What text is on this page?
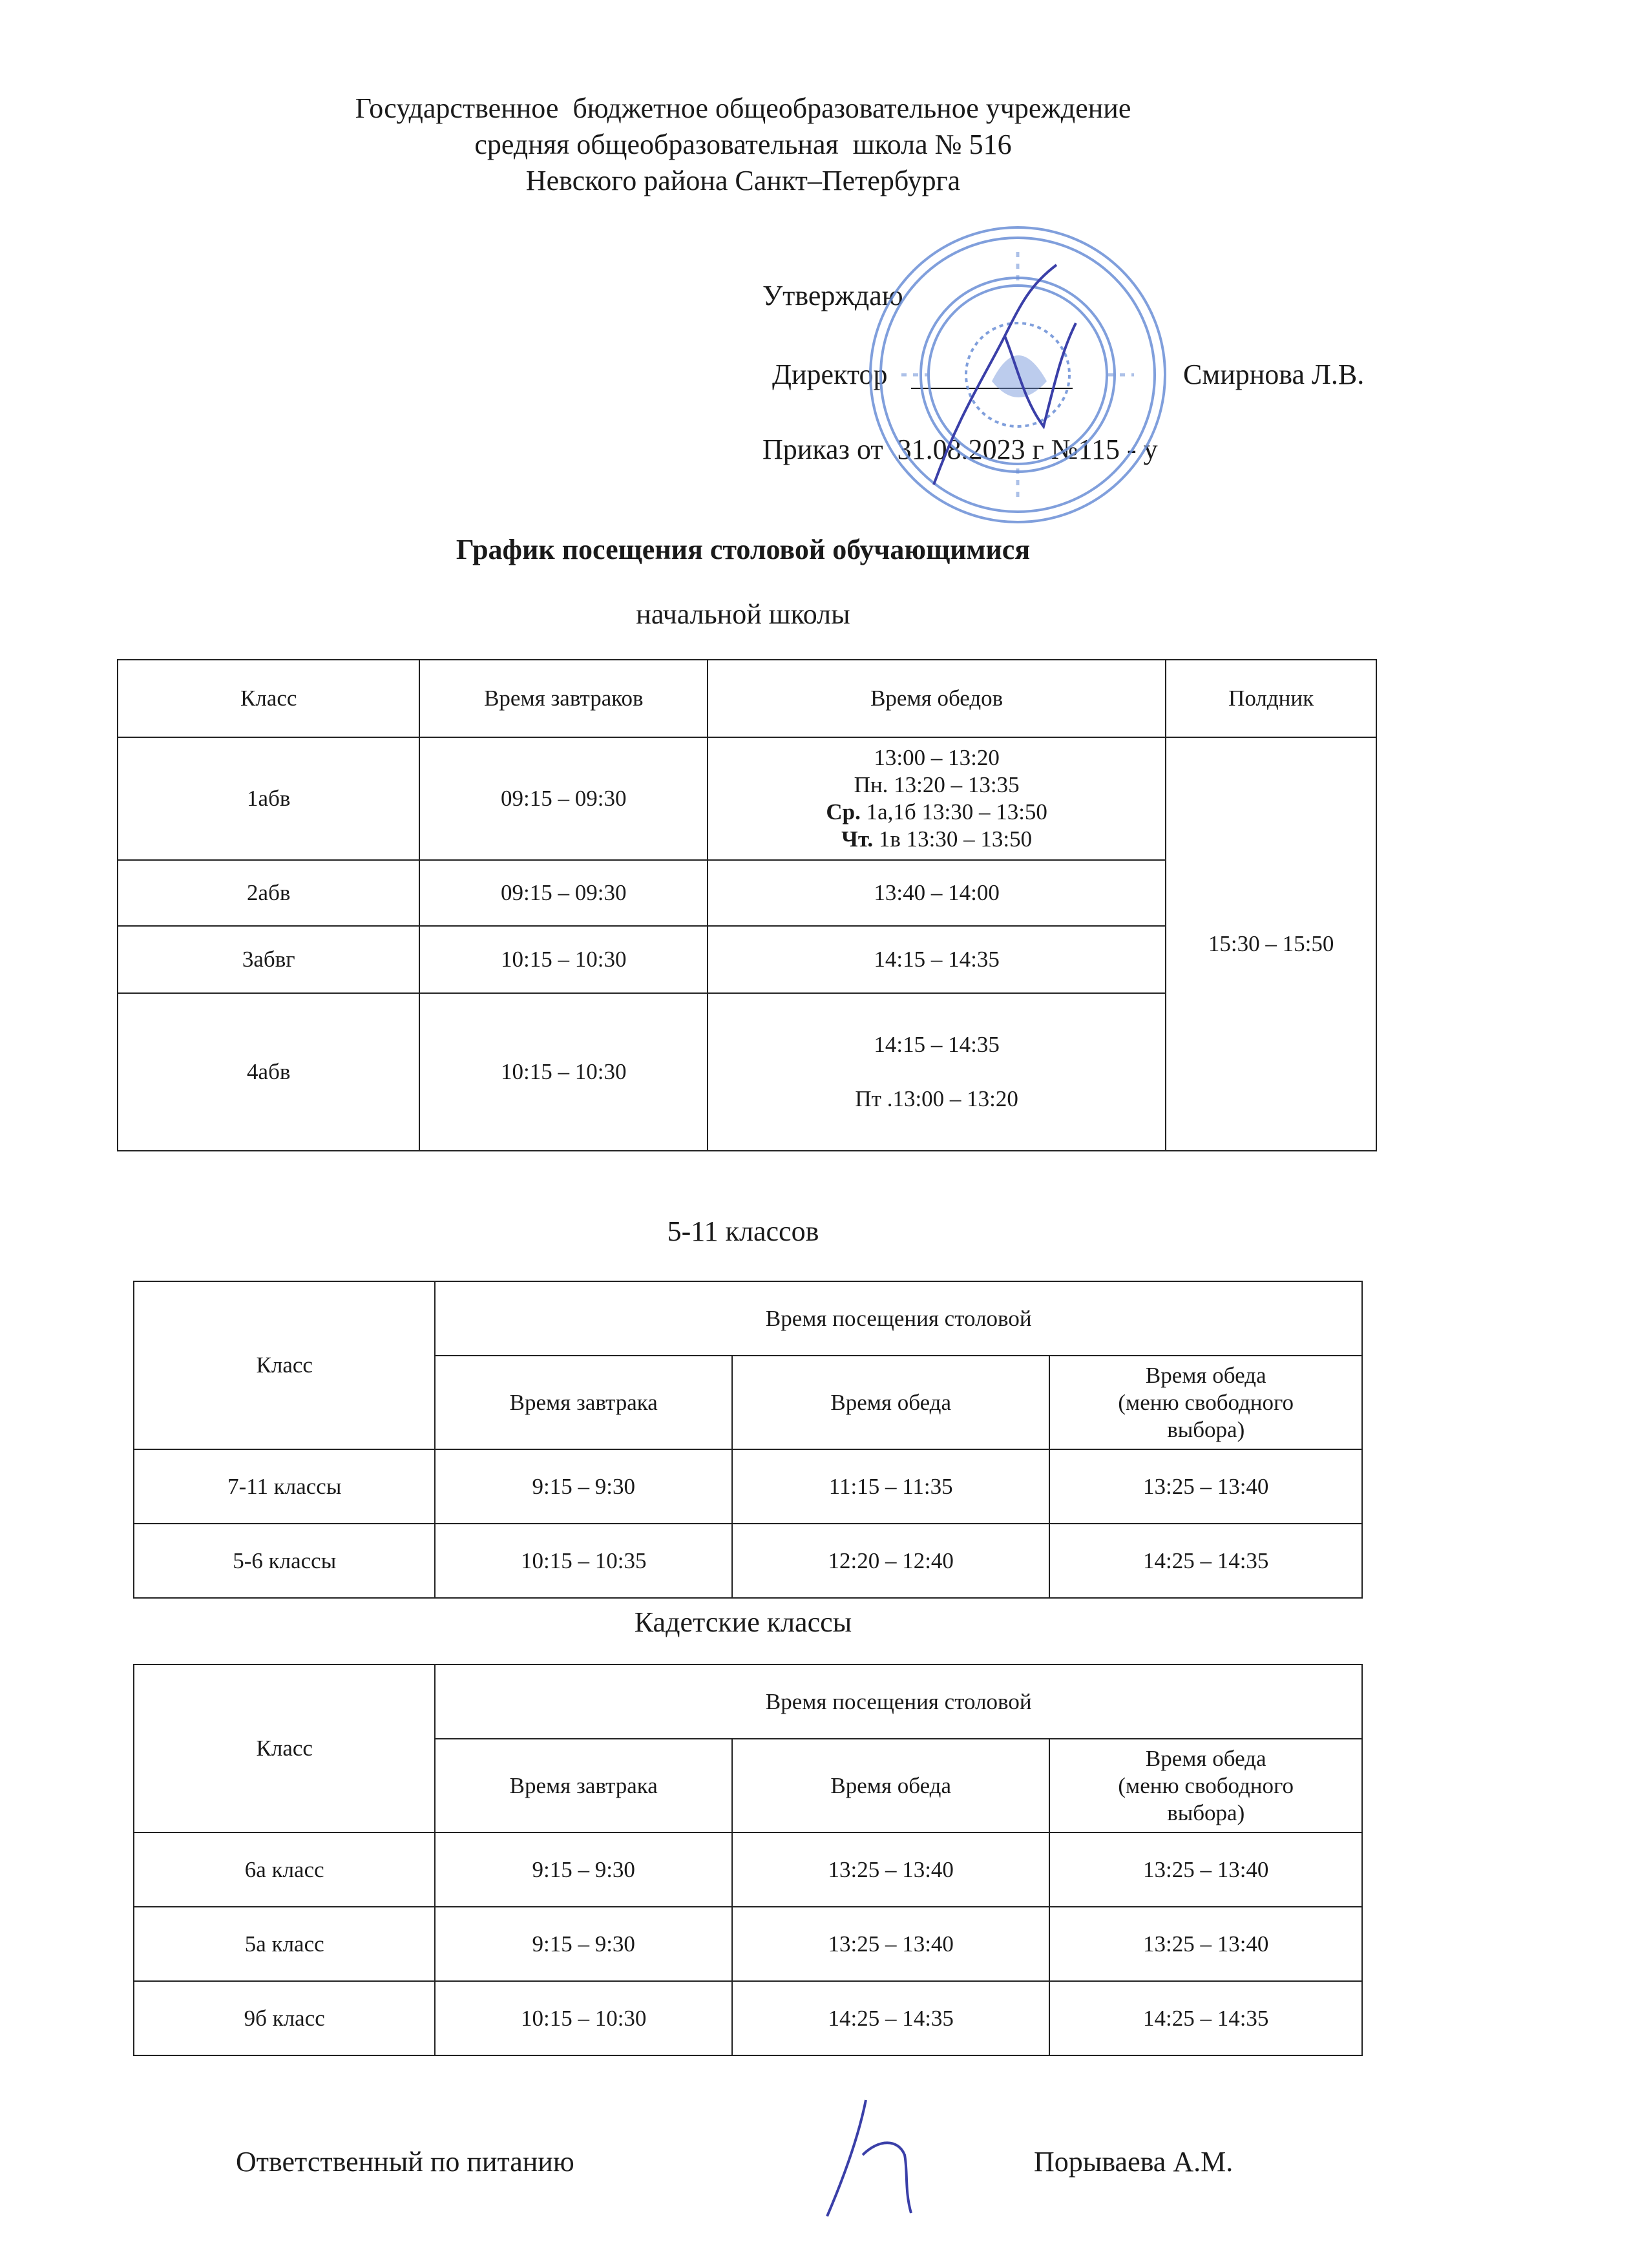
Государственное  бюджетное общеобразовательное учреждение
средняя общеобразовательная  школа № 516
Невского района Санкт–Петербурга
Утверждаю
Директор	Смирнова Л.В.
Приказ от  31.08.2023 г №115 - у
График посещения столовой обучающимися
начальной школы
Класс	Время завтраков	Время обедов	Полдник
1абв	09:15 – 09:30	13:00 – 13:20
Пн. 13:20 – 13:35
Ср. 1а,1б 13:30 – 13:50
Чт. 1в 13:30 – 13:50	15:30 – 15:50
2абв	09:15 – 09:30	13:40 – 14:00	
3абвг	10:15 – 10:30	14:15 – 14:35	
4абв	10:15 – 10:30	14:15 – 14:35
Пт .13:00 – 13:20	
5-11 классов
Класс	Время посещения столовой		
	Время завтрака	Время обеда	Время обеда
(меню свободного
выбора)

7-11 классы	9:15 – 9:30	11:15 – 11:35	13:25 – 13:40
5-6 классы	10:15 – 10:35	12:20 – 12:40	14:25 – 14:35
Кадетские классы
Класс	Время посещения столовой		
	Время завтрака	Время обеда	Время обеда
(меню свободного
выбора)

6а класс	9:15 – 9:30	13:25 – 13:40	13:25 – 13:40
5а класс	9:15 – 9:30	13:25 – 13:40	13:25 – 13:40
9б класс	10:15 – 10:30	14:25 – 14:35	14:25 – 14:35
Ответственный по питанию	Порываева А.М.
